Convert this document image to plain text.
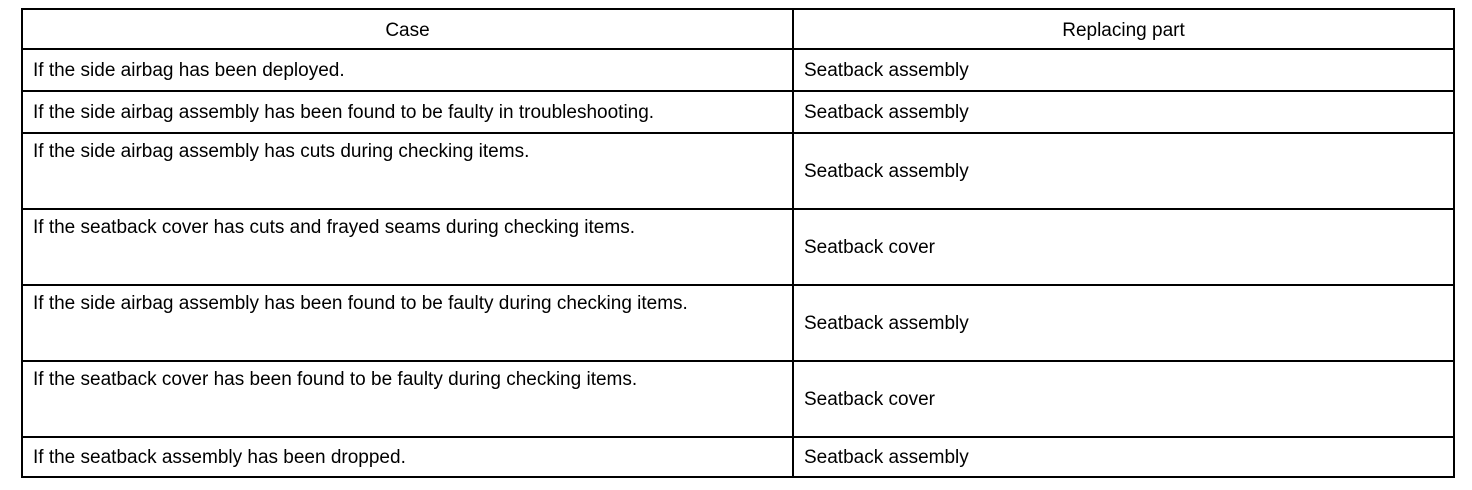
Case	Replacing part
If the side airbag has been deployed.	Seatback assembly
If the side airbag assembly has been found to be faulty in troubleshooting.	Seatback assembly
If the side airbag assembly has cuts during checking items.	Seatback assembly
If the seatback cover has cuts and frayed seams during checking items.	Seatback cover
If the side airbag assembly has been found to be faulty during checking items.	Seatback assembly
If the seatback cover has been found to be faulty during checking items.	Seatback cover
If the seatback assembly has been dropped.	Seatback assembly
